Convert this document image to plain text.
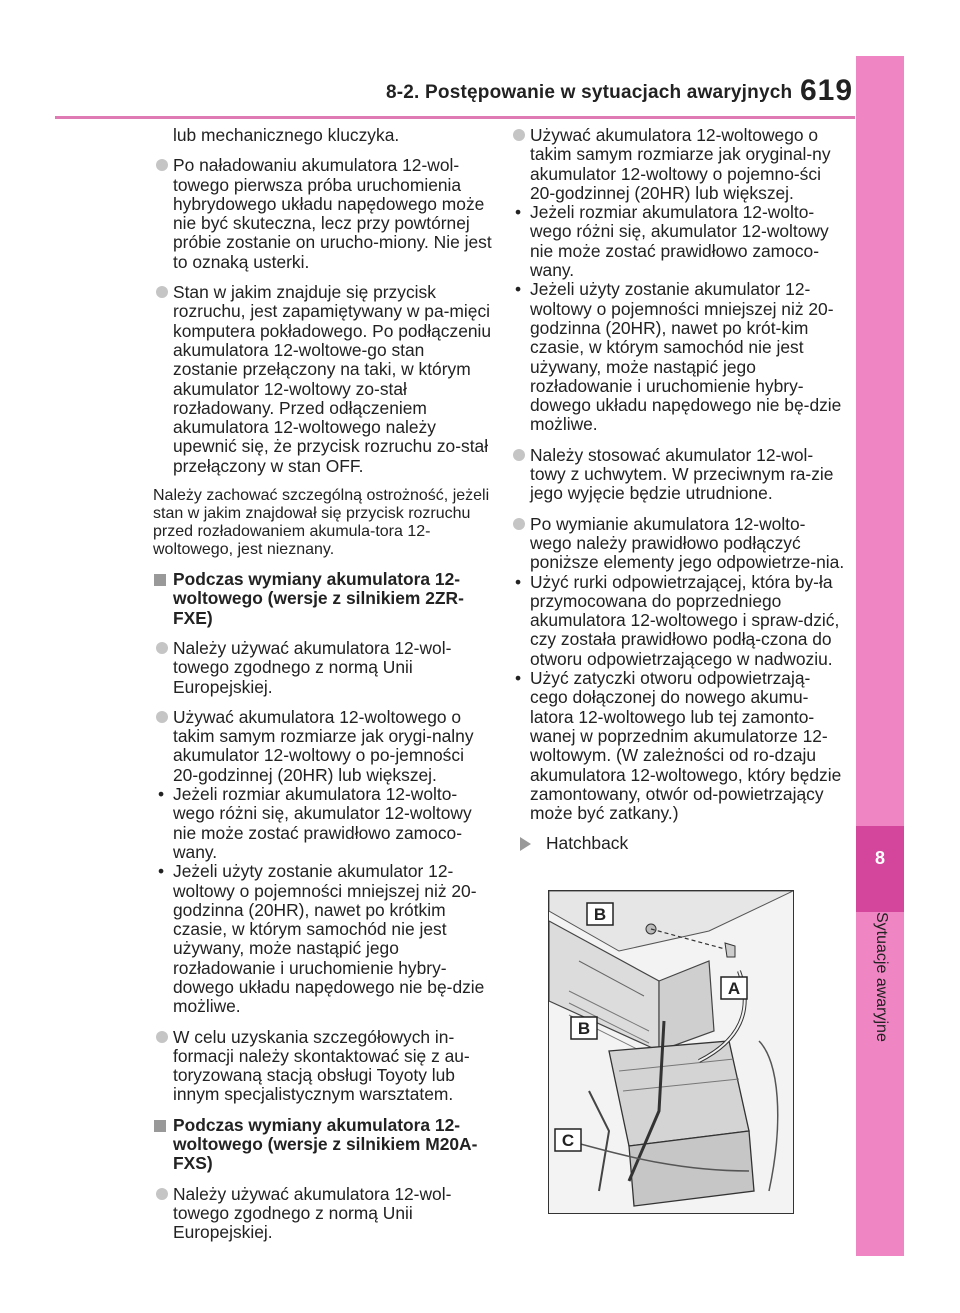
8-2. Postępowanie w sytuacjach awaryjnych 619
8
Sytuacje awaryjne
lub mechanicznego kluczyka.
Po naładowaniu akumulatora 12-wol-towego pierwsza próba uruchomienia hybrydowego układu napędowego może nie być skuteczna, lecz przy powtórnej próbie zostanie on urucho-miony. Nie jest to oznaką usterki.
Stan w jakim znajduje się przycisk rozruchu, jest zapamiętywany w pa-mięci komputera pokładowego. Po podłączeniu akumulatora 12-woltowe-go stan zostanie przełączony na taki, w którym akumulator 12-woltowy zo-stał rozładowany. Przed odłączeniem akumulatora 12-woltowego należy upewnić się, że przycisk rozruchu zo-stał przełączony w stan OFF.
Należy zachować szczególną ostrożność, jeżeli stan w jakim znajdował się przycisk rozruchu przed rozładowaniem akumula-tora 12-woltowego, jest nieznany.
Podczas wymiany akumulatora 12-woltowego (wersje z silnikiem 2ZR-FXE)
Należy używać akumulatora 12-wol-towego zgodnego z normą Unii Europejskiej.
Używać akumulatora 12-woltowego o takim samym rozmiarze jak orygi-nalny akumulator 12-woltowy o po-jemności 20-godzinnej (20HR) lub większej.
• Jeżeli rozmiar akumulatora 12-wolto-wego różni się, akumulator 12-woltowy nie może zostać prawidłowo zamoco-wany.
• Jeżeli użyty zostanie akumulator 12-woltowy o pojemności mniejszej niż 20-godzinna (20HR), nawet po krótkim czasie, w którym samochód nie jest używany, może nastąpić jego rozładowanie i uruchomienie hybry-dowego układu napędowego nie bę-dzie możliwe.
W celu uzyskania szczegółowych in-formacji należy skontaktować się z au-toryzowaną stacją obsługi Toyoty lub innym specjalistycznym warsztatem.
Podczas wymiany akumulatora 12-woltowego (wersje z silnikiem M20A-FXS)
Należy używać akumulatora 12-wol-towego zgodnego z normą Unii Europejskiej.
Używać akumulatora 12-woltowego o takim samym rozmiarze jak oryginal-ny akumulator 12-woltowy o pojemno-ści 20-godzinnej (20HR) lub większej.
• Jeżeli rozmiar akumulatora 12-wolto-wego różni się, akumulator 12-woltowy nie może zostać prawidłowo zamoco-wany.
• Jeżeli użyty zostanie akumulator 12-woltowy o pojemności mniejszej niż 20-godzinna (20HR), nawet po krót-kim czasie, w którym samochód nie jest używany, może nastąpić jego rozładowanie i uruchomienie hybry-dowego układu napędowego nie bę-dzie możliwe.
Należy stosować akumulator 12-wol-towy z uchwytem. W przeciwnym ra-zie jego wyjęcie będzie utrudnione.
Po wymianie akumulatora 12-wolto-wego należy prawidłowo podłączyć poniższe elementy jego odpowietrze-nia.
• Użyć rurki odpowietrzającej, która by-ła przymocowana do poprzedniego akumulatora 12-woltowego i spraw-dzić, czy została prawidłowo podłą-czona do otworu odpowietrzającego w nadwoziu.
• Użyć zatyczki otworu odpowietrzają-cego dołączonej do nowego akumu-latora 12-woltowego lub tej zamonto-wanej w poprzednim akumulatorze 12-woltowym. (W zależności od ro-dzaju akumulatora 12-woltowego, który będzie zamontowany, otwór od-powietrzający może być zatkany.)
Hatchback
B
A
B
C
